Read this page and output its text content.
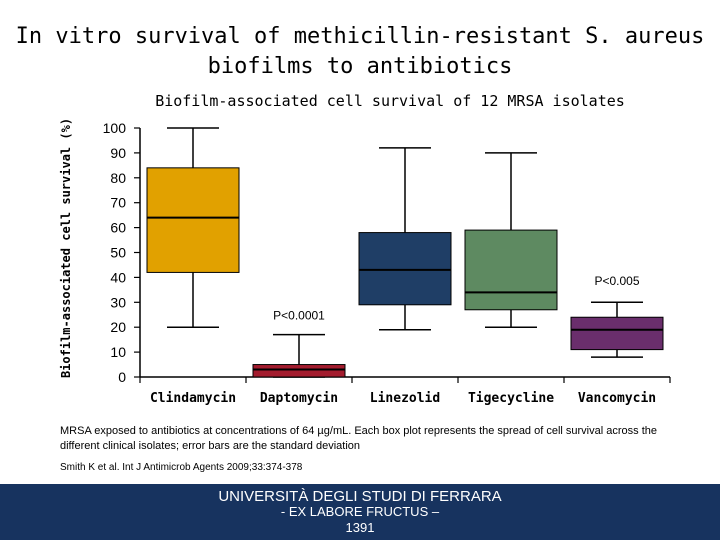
In vitro survival of methicillin-resistant S. aureus
biofilms to antibiotics
Biofilm-associated cell survival of 12 MRSA isolates
Biofilm-associated cell survival (%)	0
10
20
30
40
50
60
70
80
90
100
Clindamycin Daptomycin Linezolid Tigecycline Vancomycin
P<0.0001
P<0.005
MRSA exposed to antibiotics at concentrations of 64 µg/mL. Each box plot represents the spread of cell survival across the different clinical isolates; error bars are the standard deviation
Smith K et al. Int J Antimicrob Agents 2009;33:374-378
UNIVERSITÀ DEGLI STUDI DI FERRARA
- EX LABORE FRUCTUS –
1391
